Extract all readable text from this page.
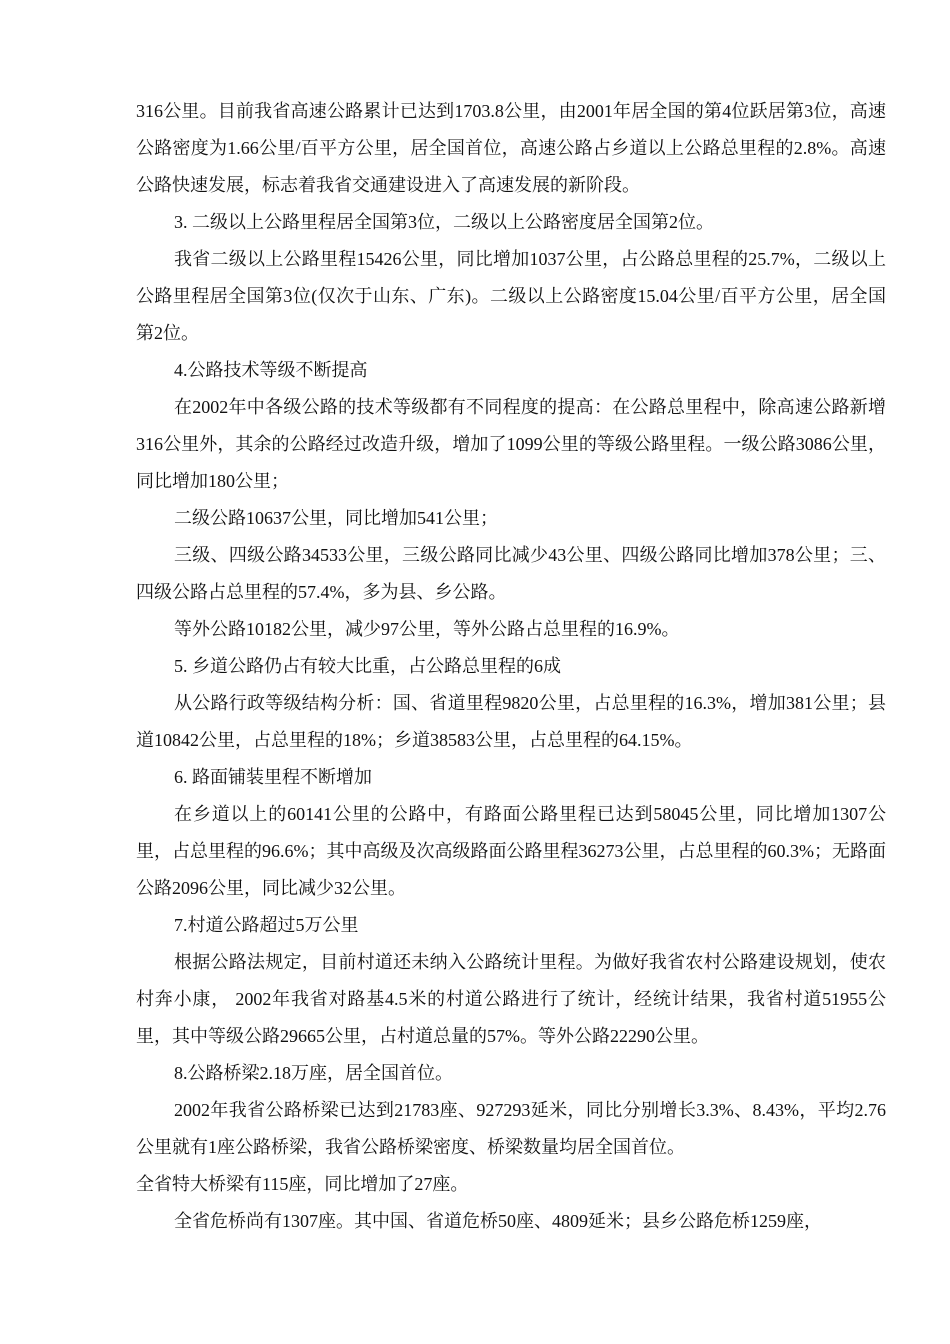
316公里。目前我省高速公路累计已达到1703.8公里，由2001年居全国的第4位跃居第3位，高速公路密度为1.66公里/百平方公里，居全国首位，高速公路占乡道以上公路总里程的2.8%。高速公路快速发展，标志着我省交通建设进入了高速发展的新阶段。

3. 二级以上公路里程居全国第3位，二级以上公路密度居全国第2位。

我省二级以上公路里程15426公里，同比增加1037公里，占公路总里程的25.7%，二级以上公路里程居全国第3位(仅次于山东、广东)。二级以上公路密度15.04公里/百平方公里，居全国第2位。

4.公路技术等级不断提高

在2002年中各级公路的技术等级都有不同程度的提高：在公路总里程中，除高速公路新增316公里外，其余的公路经过改造升级，增加了1099公里的等级公路里程。一级公路3086公里，同比增加180公里；

二级公路10637公里，同比增加541公里；

三级、四级公路34533公里，三级公路同比减少43公里、四级公路同比增加378公里；三、四级公路占总里程的57.4%，多为县、乡公路。

等外公路10182公里，减少97公里，等外公路占总里程的16.9%。

5. 乡道公路仍占有较大比重，占公路总里程的6成

从公路行政等级结构分析：国、省道里程9820公里，占总里程的16.3%，增加381公里；县道10842公里，占总里程的18%；乡道38583公里，占总里程的64.15%。

6. 路面铺装里程不断增加

在乡道以上的60141公里的公路中，有路面公路里程已达到58045公里，同比增加1307公里，占总里程的96.6%；其中高级及次高级路面公路里程36273公里，占总里程的60.3%；无路面公路2096公里，同比减少32公里。

7.村道公路超过5万公里

根据公路法规定，目前村道还未纳入公路统计里程。为做好我省农村公路建设规划，使农村奔小康， 2002年我省对路基4.5米的村道公路进行了统计，经统计结果，我省村道51955公里，其中等级公路29665公里，占村道总量的57%。等外公路22290公里。

8.公路桥梁2.18万座，居全国首位。

2002年我省公路桥梁已达到21783座、927293延米，同比分别增长3.3%、8.43%，平均2.76公里就有1座公路桥梁，我省公路桥梁密度、桥梁数量均居全国首位。

全省特大桥梁有115座，同比增加了27座。

全省危桥尚有1307座。其中国、省道危桥50座、4809延米；县乡公路危桥1259座，
